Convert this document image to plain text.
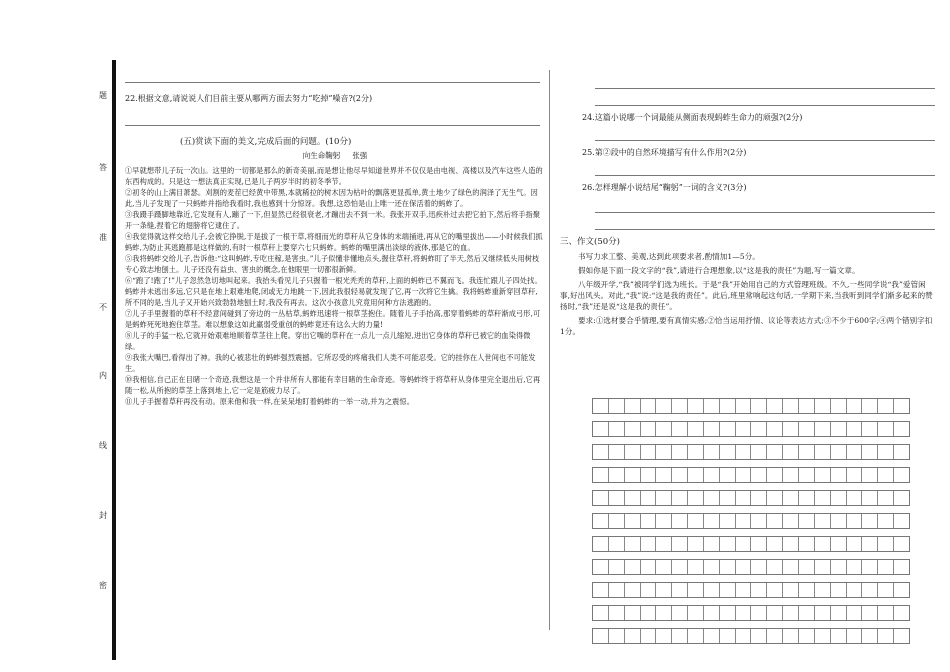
题
答
准
不
内
线
封
密
22.根据文意,请说说人们目前主要从哪两方面去努力“吃掉”噪音?(2分)
(五)赏读下面的美文,完成后面的问题。(10分)
向生命鞠躬 张强

①早就想带儿子玩一次山。这里的一切都是那么的新奇美丽,而是想让他尽早知道世界并不仅仅是由电视、高楼以及汽车这些人造的东西构成的。只是这一想法真正实现,已是儿子两岁半时的初冬季节。

②初冬的山上满目萧瑟。刈割的麦茬已经黄中带黑,本就稀拉的树木因为枯叶的飘落更显孤单,黄土地少了绿色的润泽了无生气。因此,当儿子发现了一只蚂蚱并指给我看时,我也感到十分惊讶。我想,这恐怕是山上唯一还在保活着的蚂蚱了。

③我蹑手蹑脚地靠近,它发现有人,蹦了一下,但显然已经很衰老,才蹦出去不到一米。我张开双手,迅疾朴过去把它拍下,然后将手指聚开一条缝,捏着它的翅膀将它逮住了。

④我觉得就这样交给儿子,会被它挣脱,于是拔了一根干草,将细而光的草秆从它身体的末端捅进,再从它的嘴里拔出——小时候我们抓蚂蚱,为防止其逃跑都是这样做的,有时一根草秆上要穿六七只蚂蚱。蚂蚱的嘴里满出淡绿的液体,那是它的血。

⑤我将蚂蚱交给儿子,告诉他:“这叫蚂蚱,专吃庄稼,是害虫。”儿子似懂非懂地点头,握住草秆,将蚂蚱盯了半天,然后又继续低头用树枝专心致志地刨土。儿子还没有益虫、害虫的概念,在他眼里一切都很新鲜。

⑥“跑了!跑了!”儿子忽然急切地叫起来。我抬头看见儿子只握着一根光秃秃的草秆,上面的蚂蚱已不翼而飞。我连忙跟儿子四处找。蚂蚱并未逃出多远,它只是在地上艰难地爬,闭或无力地跳一下,因此我很轻易就发现了它,再一次将它生擒。我将蚂蚱重新穿回草秆,所不同的是,当儿子又开始兴致勃勃地刨土时,我没有再去。这次小孩意儿究竟用何种方法逃跑的。

⑦儿子手里握着的草秆不经意间碰到了旁边的一丛枯草,蚂蚱迅速将一根草茎抱住。随着儿子手抬高,那穿着蚂蚱的草秆渐成弓形,可是蚂蚱死死地抱住草茎。难以想象这如此羸弱受重创的蚂蚱竟还有这么大的力量!

⑧儿子的手猛一松,它就开始艰难地顺着草茎往上爬。穿出它嘴的草秆在一点儿一点儿缩短,进出它身体的草秆已被它的血染得微绿。

⑨我张大嘴巴,看得出了神。我的心被悲壮的蚂蚱强烈震撼。它所忍受的疼痛我们人类不可能忍受。它的挂你在人世间也不可能发生。

⑩我相信,自己正在目睹一个奇迹,我想这是一个并非所有人都能有幸目睹的生命奇迹。等蚂蚱终于将草秆从身体里完全退出后,它再随一松,从所抱的草茎上落到地上,它一定是筋疲力尽了。

⑪儿子手握着草秆再没有动。原来他和我一样,在呆呆地盯着蚂蚱的一举一动,并为之震惊。

24.这篇小说哪一个词最能从侧面表现蚂蚱生命力的顽强?(2分)
25.第②段中的自然环境描写有什么作用?(2分)
26.怎样理解小说结尾“鞠躬”一词的含义?(3分)
三、作文(50分)

书写力求工整、美观,达到此项要求者,酌情加1—5分。

假如你是下面一段文字的“我”,请进行合理想象,以“这是我的责任”为题,写一篇文章。

八年级开学,“我”被同学们选为班长。于是“我”开始用自己的方式管理班级。不久,一些同学说“我”爱管闲事,好出风头。对此,“我”说:“这是我的责任”。此后,班里常响起这句话,一学期下来,当我听到同学们渐多起来的赞扬时,“我”还是说“这是我的责任”。

要求:①选材要合乎情理,要有真情实感;②恰当运用抒情、议论等表达方式;③不少于600字;④两个错别字扣1分。
